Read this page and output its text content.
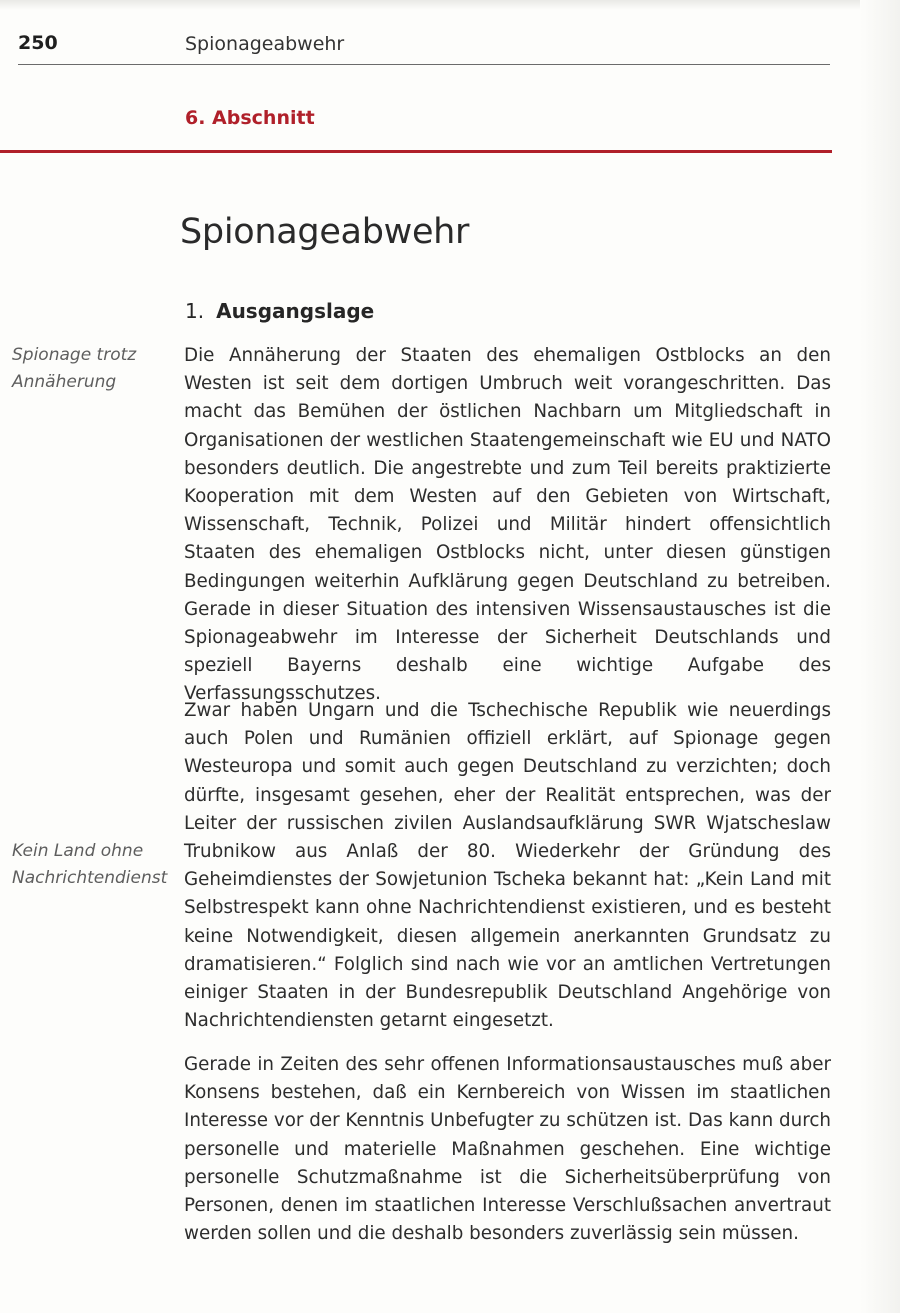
250	Spionageabwehr
6. Abschnitt
Spionageabwehr
1. Ausgangslage
Spionage trotz
Annäherung
Kein Land ohne
Nachrichtendienst

Die Annäherung der Staaten des ehemaligen Ostblocks an den Westen ist seit dem dortigen Umbruch weit vorangeschritten. Das macht das Bemühen der östlichen Nachbarn um Mitgliedschaft in Organisationen der westlichen Staatengemeinschaft wie EU und NATO besonders deutlich. Die angestrebte und zum Teil bereits praktizierte Kooperation mit dem Westen auf den Gebieten von Wirtschaft, Wissenschaft, Technik, Polizei und Militär hindert offensichtlich Staaten des ehemaligen Ostblocks nicht, unter diesen günstigen Bedingungen weiterhin Aufklärung gegen Deutschland zu betreiben. Gerade in dieser Situation des intensiven Wissensaustausches ist die Spionageabwehr im Interesse der Sicherheit Deutschlands und speziell Bayerns deshalb eine wichtige Aufgabe des Verfassungsschutzes.

Zwar haben Ungarn und die Tschechische Republik wie neuerdings auch Polen und Rumänien offiziell erklärt, auf Spionage gegen Westeuropa und somit auch gegen Deutschland zu verzichten; doch dürfte, insgesamt gesehen, eher der Realität entsprechen, was der Leiter der russischen zivilen Auslandsaufklärung SWR Wjatscheslaw Trubnikow aus Anlaß der 80. Wiederkehr der Gründung des Geheimdienstes der Sowjetunion Tscheka bekannt hat: „Kein Land mit Selbstrespekt kann ohne Nachrichtendienst existieren, und es besteht keine Notwendigkeit, diesen allgemein anerkannten Grundsatz zu dramatisieren.“ Folglich sind nach wie vor an amtlichen Vertretungen einiger Staaten in der Bundesrepublik Deutschland Angehörige von Nachrichtendiensten getarnt eingesetzt.

Gerade in Zeiten des sehr offenen Informationsaustausches muß aber Konsens bestehen, daß ein Kernbereich von Wissen im staatlichen Interesse vor der Kenntnis Unbefugter zu schützen ist. Das kann durch personelle und materielle Maßnahmen geschehen. Eine wichtige personelle Schutzmaßnahme ist die Sicherheitsüberprüfung von Personen, denen im staatlichen Interesse Verschlußsachen anvertraut werden sollen und die deshalb besonders zuverlässig sein müssen.
